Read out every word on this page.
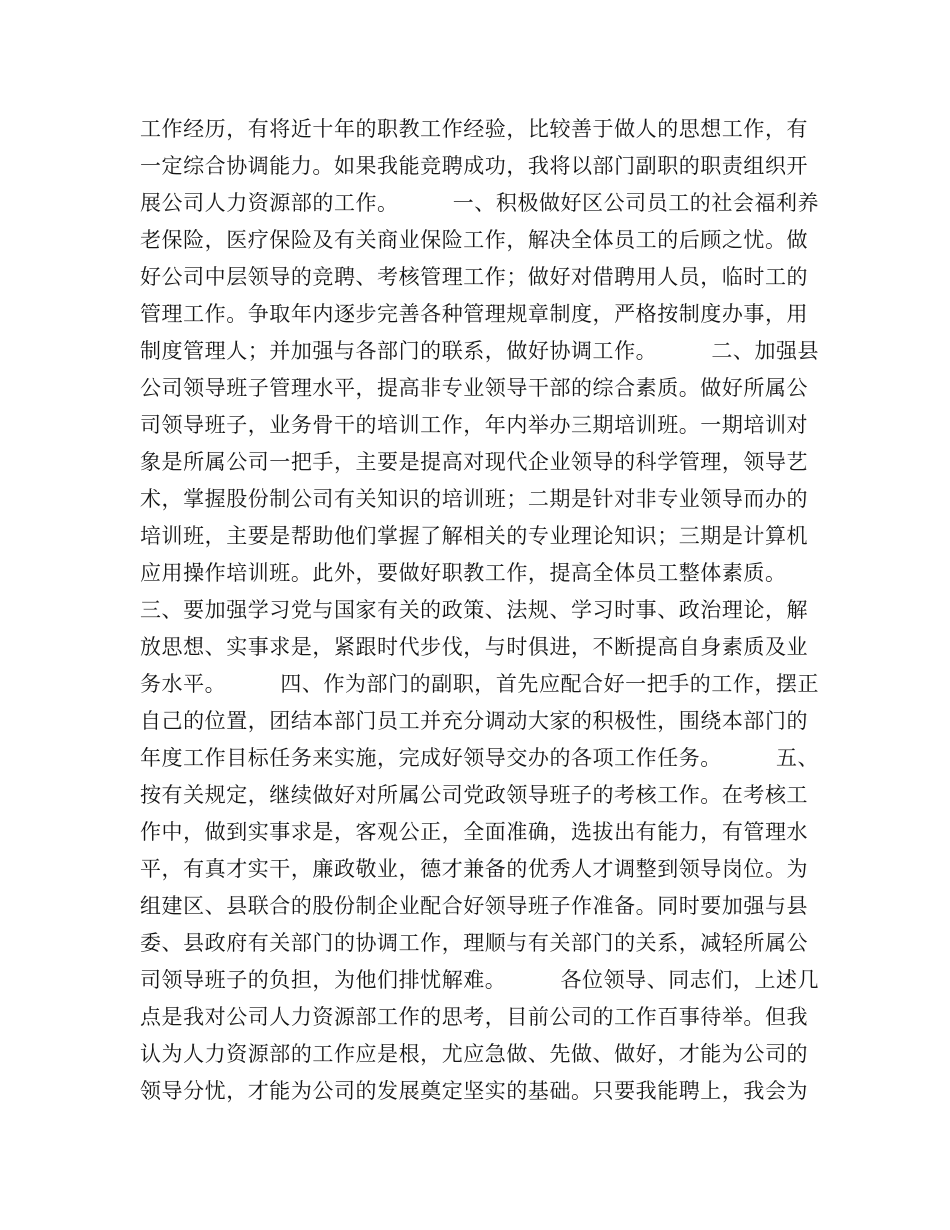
工作经历，有将近十年的职教工作经验，比较善于做人的思想工作，有
一定综合协调能力。如果我能竞聘成功，我将以部门副职的职责组织开
展公司人力资源部的工作。　　　一、积极做好区公司员工的社会福利养
老保险，医疗保险及有关商业保险工作，解决全体员工的后顾之忧。做
好公司中层领导的竞聘、考核管理工作；做好对借聘用人员，临时工的
管理工作。争取年内逐步完善各种管理规章制度，严格按制度办事，用
制度管理人；并加强与各部门的联系，做好协调工作。　　　二、加强县
公司领导班子管理水平，提高非专业领导干部的综合素质。做好所属公
司领导班子，业务骨干的培训工作，年内举办三期培训班。一期培训对
象是所属公司一把手，主要是提高对现代企业领导的科学管理，领导艺
术，掌握股份制公司有关知识的培训班；二期是针对非专业领导而办的
培训班，主要是帮助他们掌握了解相关的专业理论知识；三期是计算机
应用操作培训班。此外，要做好职教工作，提高全体员工整体素质。
三、要加强学习党与国家有关的政策、法规、学习时事、政治理论，解
放思想、实事求是，紧跟时代步伐，与时俱进，不断提高自身素质及业
务水平。　　　四、作为部门的副职，首先应配合好一把手的工作，摆正
自己的位置，团结本部门员工并充分调动大家的积极性，围绕本部门的
年度工作目标任务来实施，完成好领导交办的各项工作任务。　　　五、
按有关规定，继续做好对所属公司党政领导班子的考核工作。在考核工
作中，做到实事求是，客观公正，全面准确，选拔出有能力，有管理水
平，有真才实干，廉政敬业，德才兼备的优秀人才调整到领导岗位。为
组建区、县联合的股份制企业配合好领导班子作准备。同时要加强与县
委、县政府有关部门的协调工作，理顺与有关部门的关系，减轻所属公
司领导班子的负担，为他们排忧解难。　　　各位领导、同志们，上述几
点是我对公司人力资源部工作的思考，目前公司的工作百事待举。但我
认为人力资源部的工作应是根，尤应急做、先做、做好，才能为公司的
领导分忧，才能为公司的发展奠定坚实的基础。只要我能聘上，我会为
